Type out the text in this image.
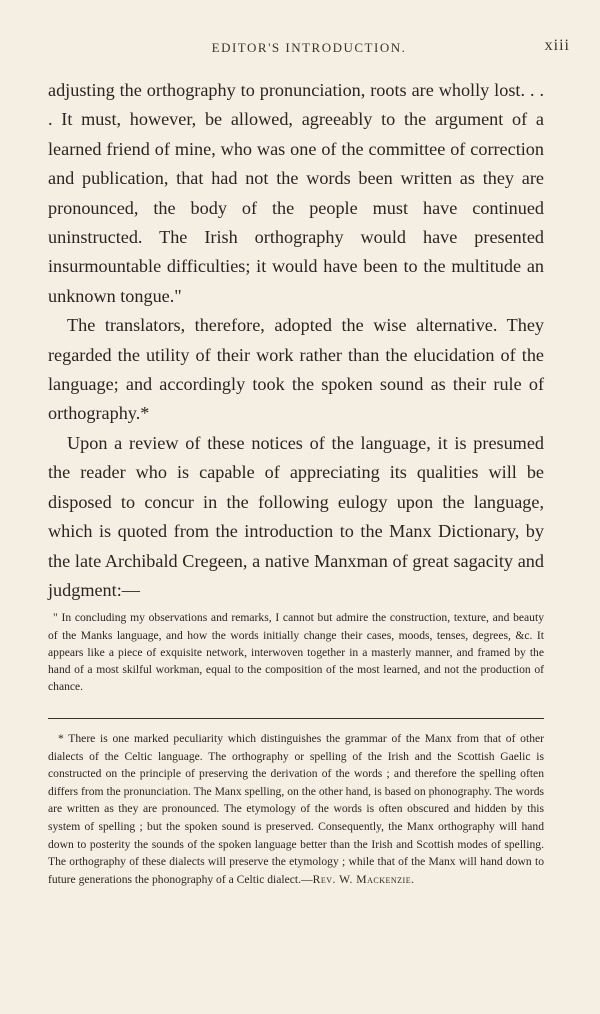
EDITOR'S INTRODUCTION.	xiii

adjusting the orthography to pronunciation, roots are wholly lost. . . . It must, however, be allowed, agreeably to the argument of a learned friend of mine, who was one of the committee of correction and publication, that had not the words been written as they are pronounced, the body of the people must have continued uninstructed. The Irish orthography would have presented insurmountable difficulties; it would have been to the multitude an unknown tongue."

The translators, therefore, adopted the wise alternative. They regarded the utility of their work rather than the elucidation of the language; and accordingly took the spoken sound as their rule of orthography.*

Upon a review of these notices of the language, it is presumed the reader who is capable of appreciating its qualities will be disposed to concur in the following eulogy upon the language, which is quoted from the introduction to the Manx Dictionary, by the late Archibald Cregeen, a native Manxman of great sagacity and judgment:—

" In concluding my observations and remarks, I cannot but admire the construction, texture, and beauty of the Manks language, and how the words initially change their cases, moods, tenses, degrees, &c. It appears like a piece of exquisite network, interwoven together in a masterly manner, and framed by the hand of a most skilful workman, equal to the composition of the most learned, and not the production of chance.

* There is one marked peculiarity which distinguishes the grammar of the Manx from that of other dialects of the Celtic language. The orthography or spelling of the Irish and the Scottish Gaelic is constructed on the principle of preserving the derivation of the words ; and therefore the spelling often differs from the pronunciation. The Manx spelling, on the other hand, is based on phonography. The words are written as they are pronounced. The etymology of the words is often obscured and hidden by this system of spelling ; but the spoken sound is preserved. Consequently, the Manx orthography will hand down to posterity the sounds of the spoken language better than the Irish and Scottish modes of spelling. The orthography of these dialects will preserve the etymology ; while that of the Manx will hand down to future generations the phonography of a Celtic dialect.—Rev. W. Mackenzie.
